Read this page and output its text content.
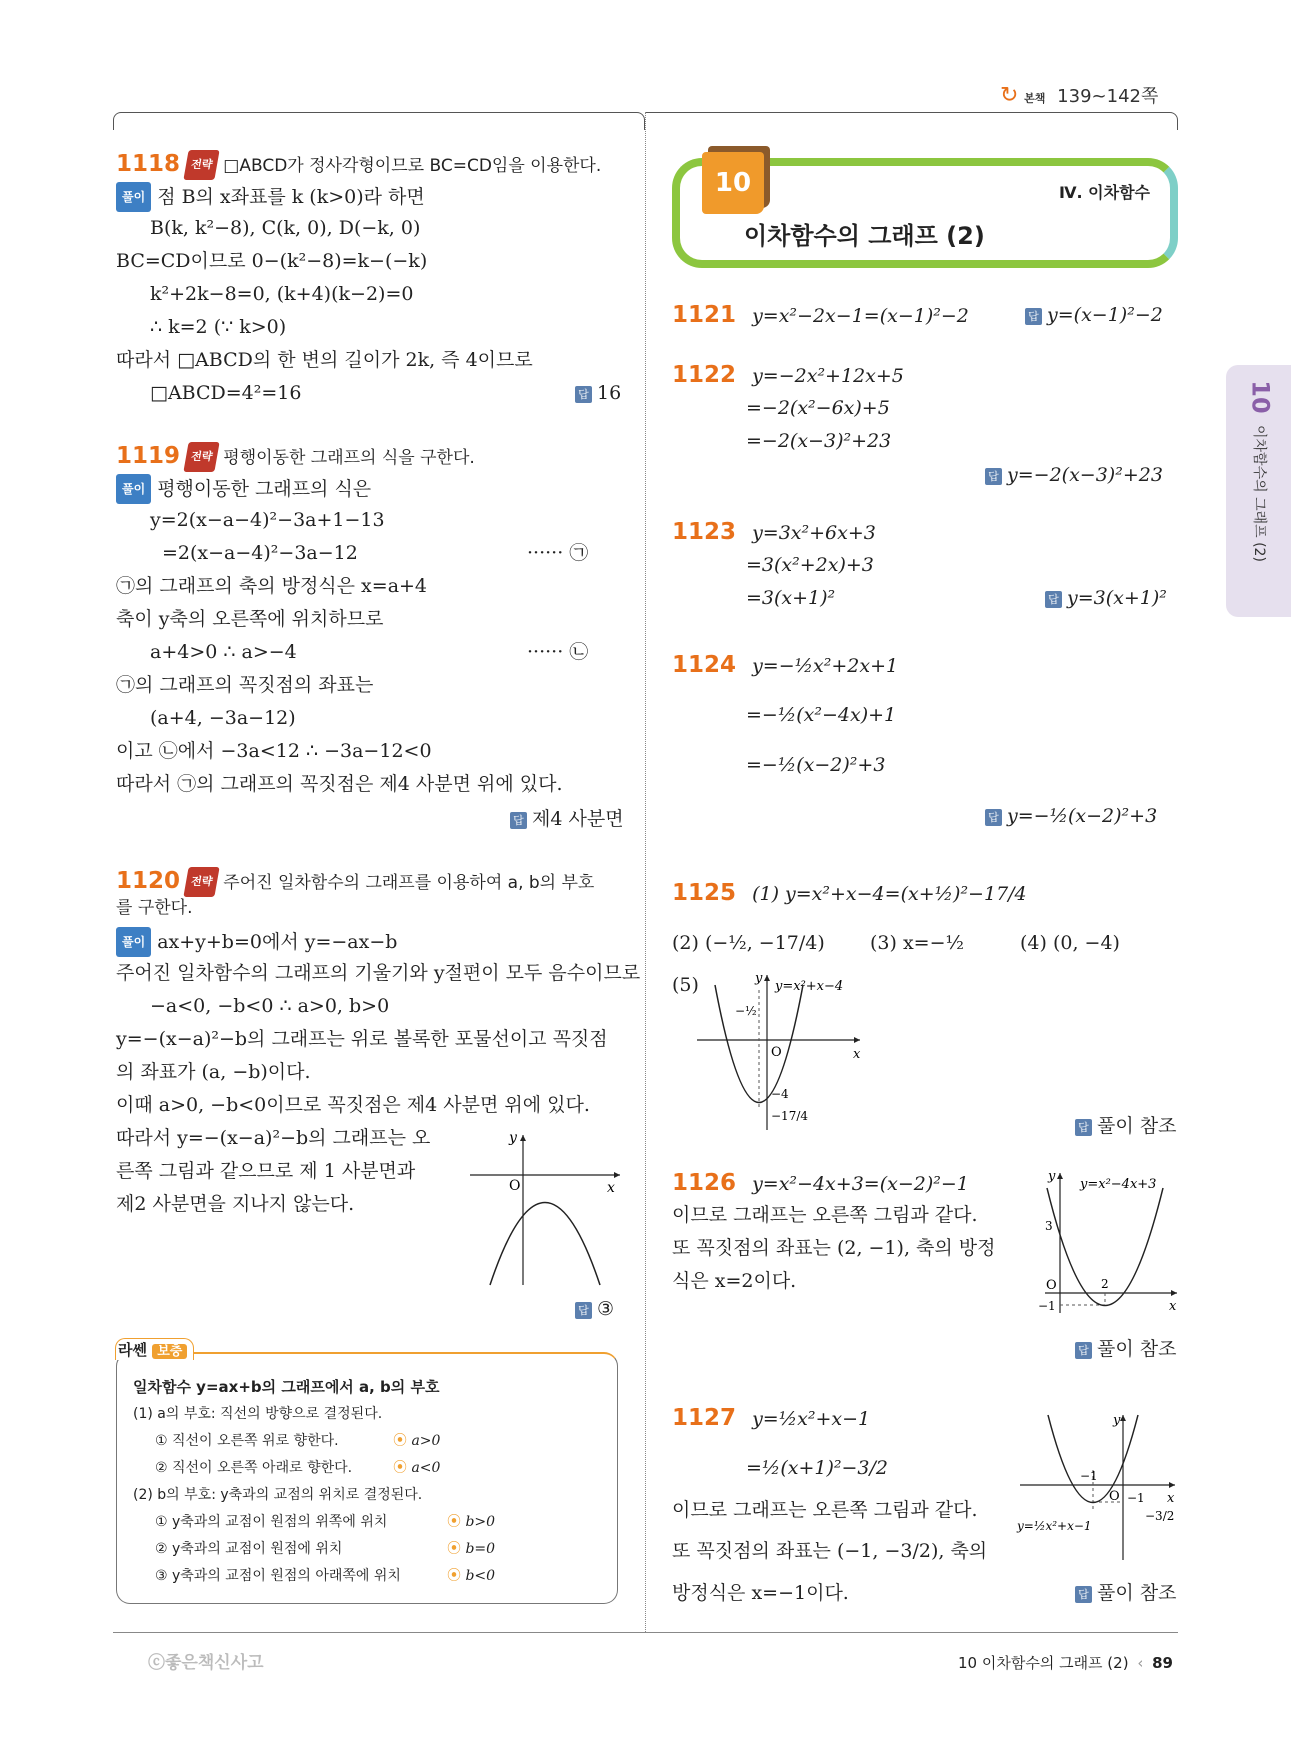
↻ 본책 139~142쪽
10
이차함수의 그래프 (2)
1118 전략 □ABCD가 정사각형이므로 BC=CD임을 이용한다.
풀이 점 B의 x좌표를 k (k>0)라 하면
B(k, k²−8), C(k, 0), D(−k, 0)
BC=CD이므로 0−(k²−8)=k−(−k)
k²+2k−8=0, (k+4)(k−2)=0
∴ k=2 (∵ k>0)
따라서 □ABCD의 한 변의 길이가 2k, 즉 4이므로
□ABCD=4²=16	답 16
1119 전략 평행이동한 그래프의 식을 구한다.
풀이 평행이동한 그래프의 식은
y=2(x−a−4)²−3a+1−13
=2(x−a−4)²−3a−12	······ ㉠
㉠의 그래프의 축의 방정식은 x=a+4
축이 y축의 오른쪽에 위치하므로
a+4>0 ∴ a>−4	······ ㉡
㉠의 그래프의 꼭짓점의 좌표는
(a+4, −3a−12)
이고 ㉡에서 −3a<12 ∴ −3a−12<0
따라서 ㉠의 그래프의 꼭짓점은 제4 사분면 위에 있다.
답 제4 사분면
1120 전략 주어진 일차함수의 그래프를 이용하여 a, b의 부호
를 구한다.
풀이 ax+y+b=0에서 y=−ax−b
주어진 일차함수의 그래프의 기울기와 y절편이 모두 음수이므로
−a<0, −b<0 ∴ a>0, b>0
y=−(x−a)²−b의 그래프는 위로 볼록한 포물선이고 꼭짓점
의 좌표가 (a, −b)이다.
이때 a>0, −b<0이므로 꼭짓점은 제4 사분면 위에 있다.
따라서 y=−(x−a)²−b의 그래프는 오
른쪽 그림과 같으므로 제 1 사분면과
제2 사분면을 지나지 않는다.
O	x
y
답 ③
라쎈 보충
일차함수 y=ax+b의 그래프에서 a, b의 부호
(1) a의 부호: 직선의 방향으로 결정된다.
① 직선이 오른쪽 위로 향한다.	⦿ a>0
② 직선이 오른쪽 아래로 향한다.	⦿ a<0
(2) b의 부호: y축과의 교점의 위치로 결정된다.
① y축과의 교점이 원점의 위쪽에 위치	⦿ b>0
② y축과의 교점이 원점에 위치	⦿ b=0
③ y축과의 교점이 원점의 아래쪽에 위치	⦿ b<0
10	Ⅳ. 이차함수
이차함수의 그래프 (2)
1121 y=x²−2x−1=(x−1)²−2	답 y=(x−1)²−2
1122 y=−2x²+12x+5
=−2(x²−6x)+5
=−2(x−3)²+23
답 y=−2(x−3)²+23
1123 y=3x²+6x+3
=3(x²+2x)+3
=3(x+1)²	답 y=3(x+1)²
1124 y=−½x²+2x+1
=−½(x²−4x)+1
=−½(x−2)²+3
답 y=−½(x−2)²+3
1125 (1) y=x²+x−4=(x+½)²−17/4
(2) (−½, −17/4) (3) x=−½	(4) (0, −4)
(5)	y=x²+x−4
−½
O	x
y
−4
−17/4
답 풀이 참조
1126 y=x²−4x+3=(x−2)²−1
이므로 그래프는 오른쪽 그림과 같다.
또 꼭짓점의 좌표는 (2, −1), 축의 방정
식은 x=2이다.
y=x²−4x+3
3
O	2
−1	x
y
답 풀이 참조
1127 y=½x²+x−1
=½(x+1)²−3/2
이므로 그래프는 오른쪽 그림과 같다.
또 꼭짓점의 좌표는 (−1, −3/2), 축의
방정식은 x=−1이다.
y
−1
O −1
−3/2
x
y=½x²+x−1
답 풀이 참조
ⓒ좋은책신사고	10 이차함수의 그래프 (2) ‹ 89
